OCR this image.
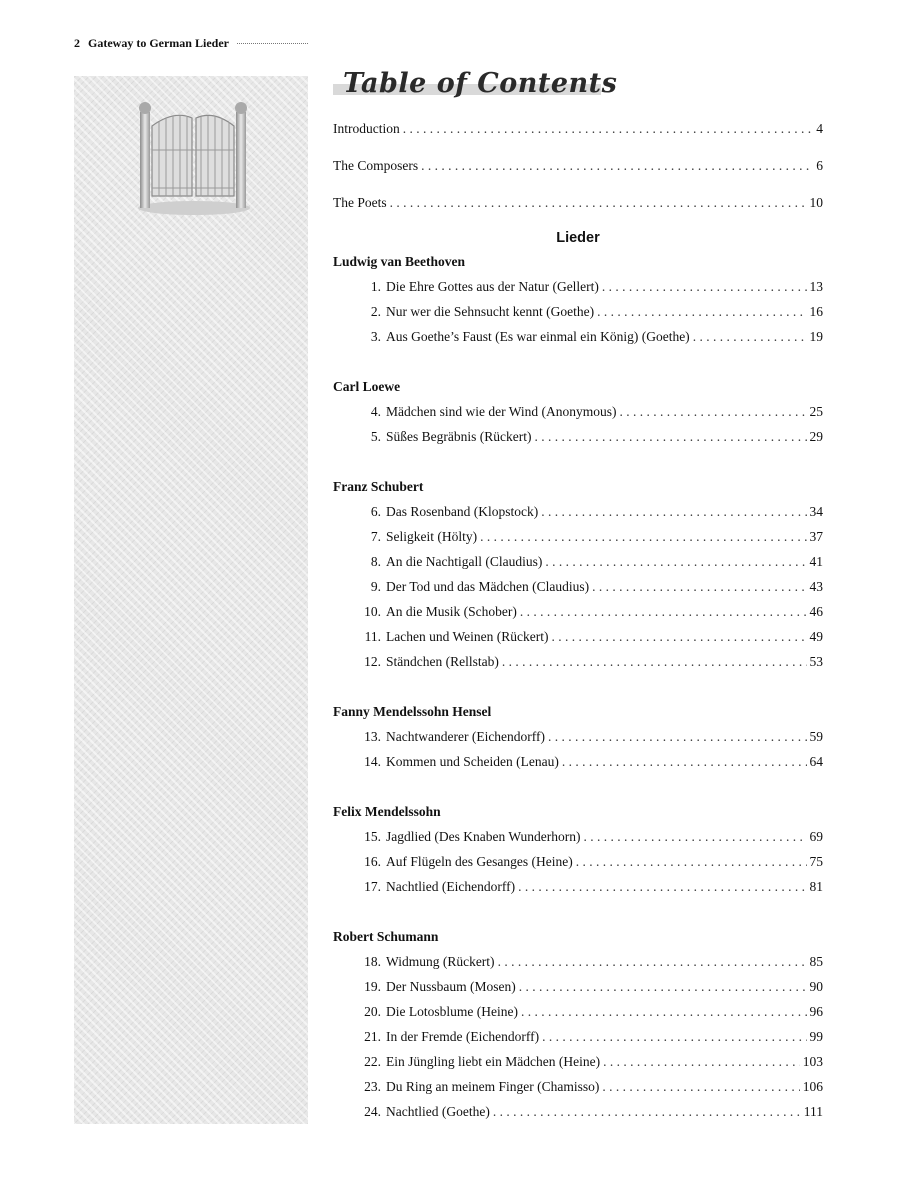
2 Gateway to German Lieder
Table of Contents
Introduction . . .	4
The Composers . . .	6
The Poets . . .	10
Lieder
Ludwig van Beethoven
1. Die Ehre Gottes aus der Natur (Gellert) . . .	13
2. Nur wer die Sehnsucht kennt (Goethe) . . .	16
3. Aus Goethe’s Faust (Es war einmal ein König) (Goethe) . . .	19
Carl Loewe
4. Mädchen sind wie der Wind (Anonymous) . . .	25
5. Süßes Begräbnis (Rückert) . . .	29
Franz Schubert
6. Das Rosenband (Klopstock) . . .	34
7. Seligkeit (Hölty) . . .	37
8. An die Nachtigall (Claudius) . . .	41
9. Der Tod und das Mädchen (Claudius) . . .	43
10. An die Musik (Schober) . . .	46
11. Lachen und Weinen (Rückert) . . .	49
12. Ständchen (Rellstab) . . .	53
Fanny Mendelssohn Hensel
13. Nachtwanderer (Eichendorff) . . .	59
14. Kommen und Scheiden (Lenau) . . .	64
Felix Mendelssohn
15. Jagdlied (Des Knaben Wunderhorn) . . .	69
16. Auf Flügeln des Gesanges (Heine) . . .	75
17. Nachtlied (Eichendorff) . . .	81
Robert Schumann
18. Widmung (Rückert) . . .	85
19. Der Nussbaum (Mosen) . . .	90
20. Die Lotosblume (Heine) . . .	96
21. In der Fremde (Eichendorff) . . .	99
22. Ein Jüngling liebt ein Mädchen (Heine) . . .	103
23. Du Ring an meinem Finger (Chamisso) . . .	106
24. Nachtlied (Goethe) . . .	111
